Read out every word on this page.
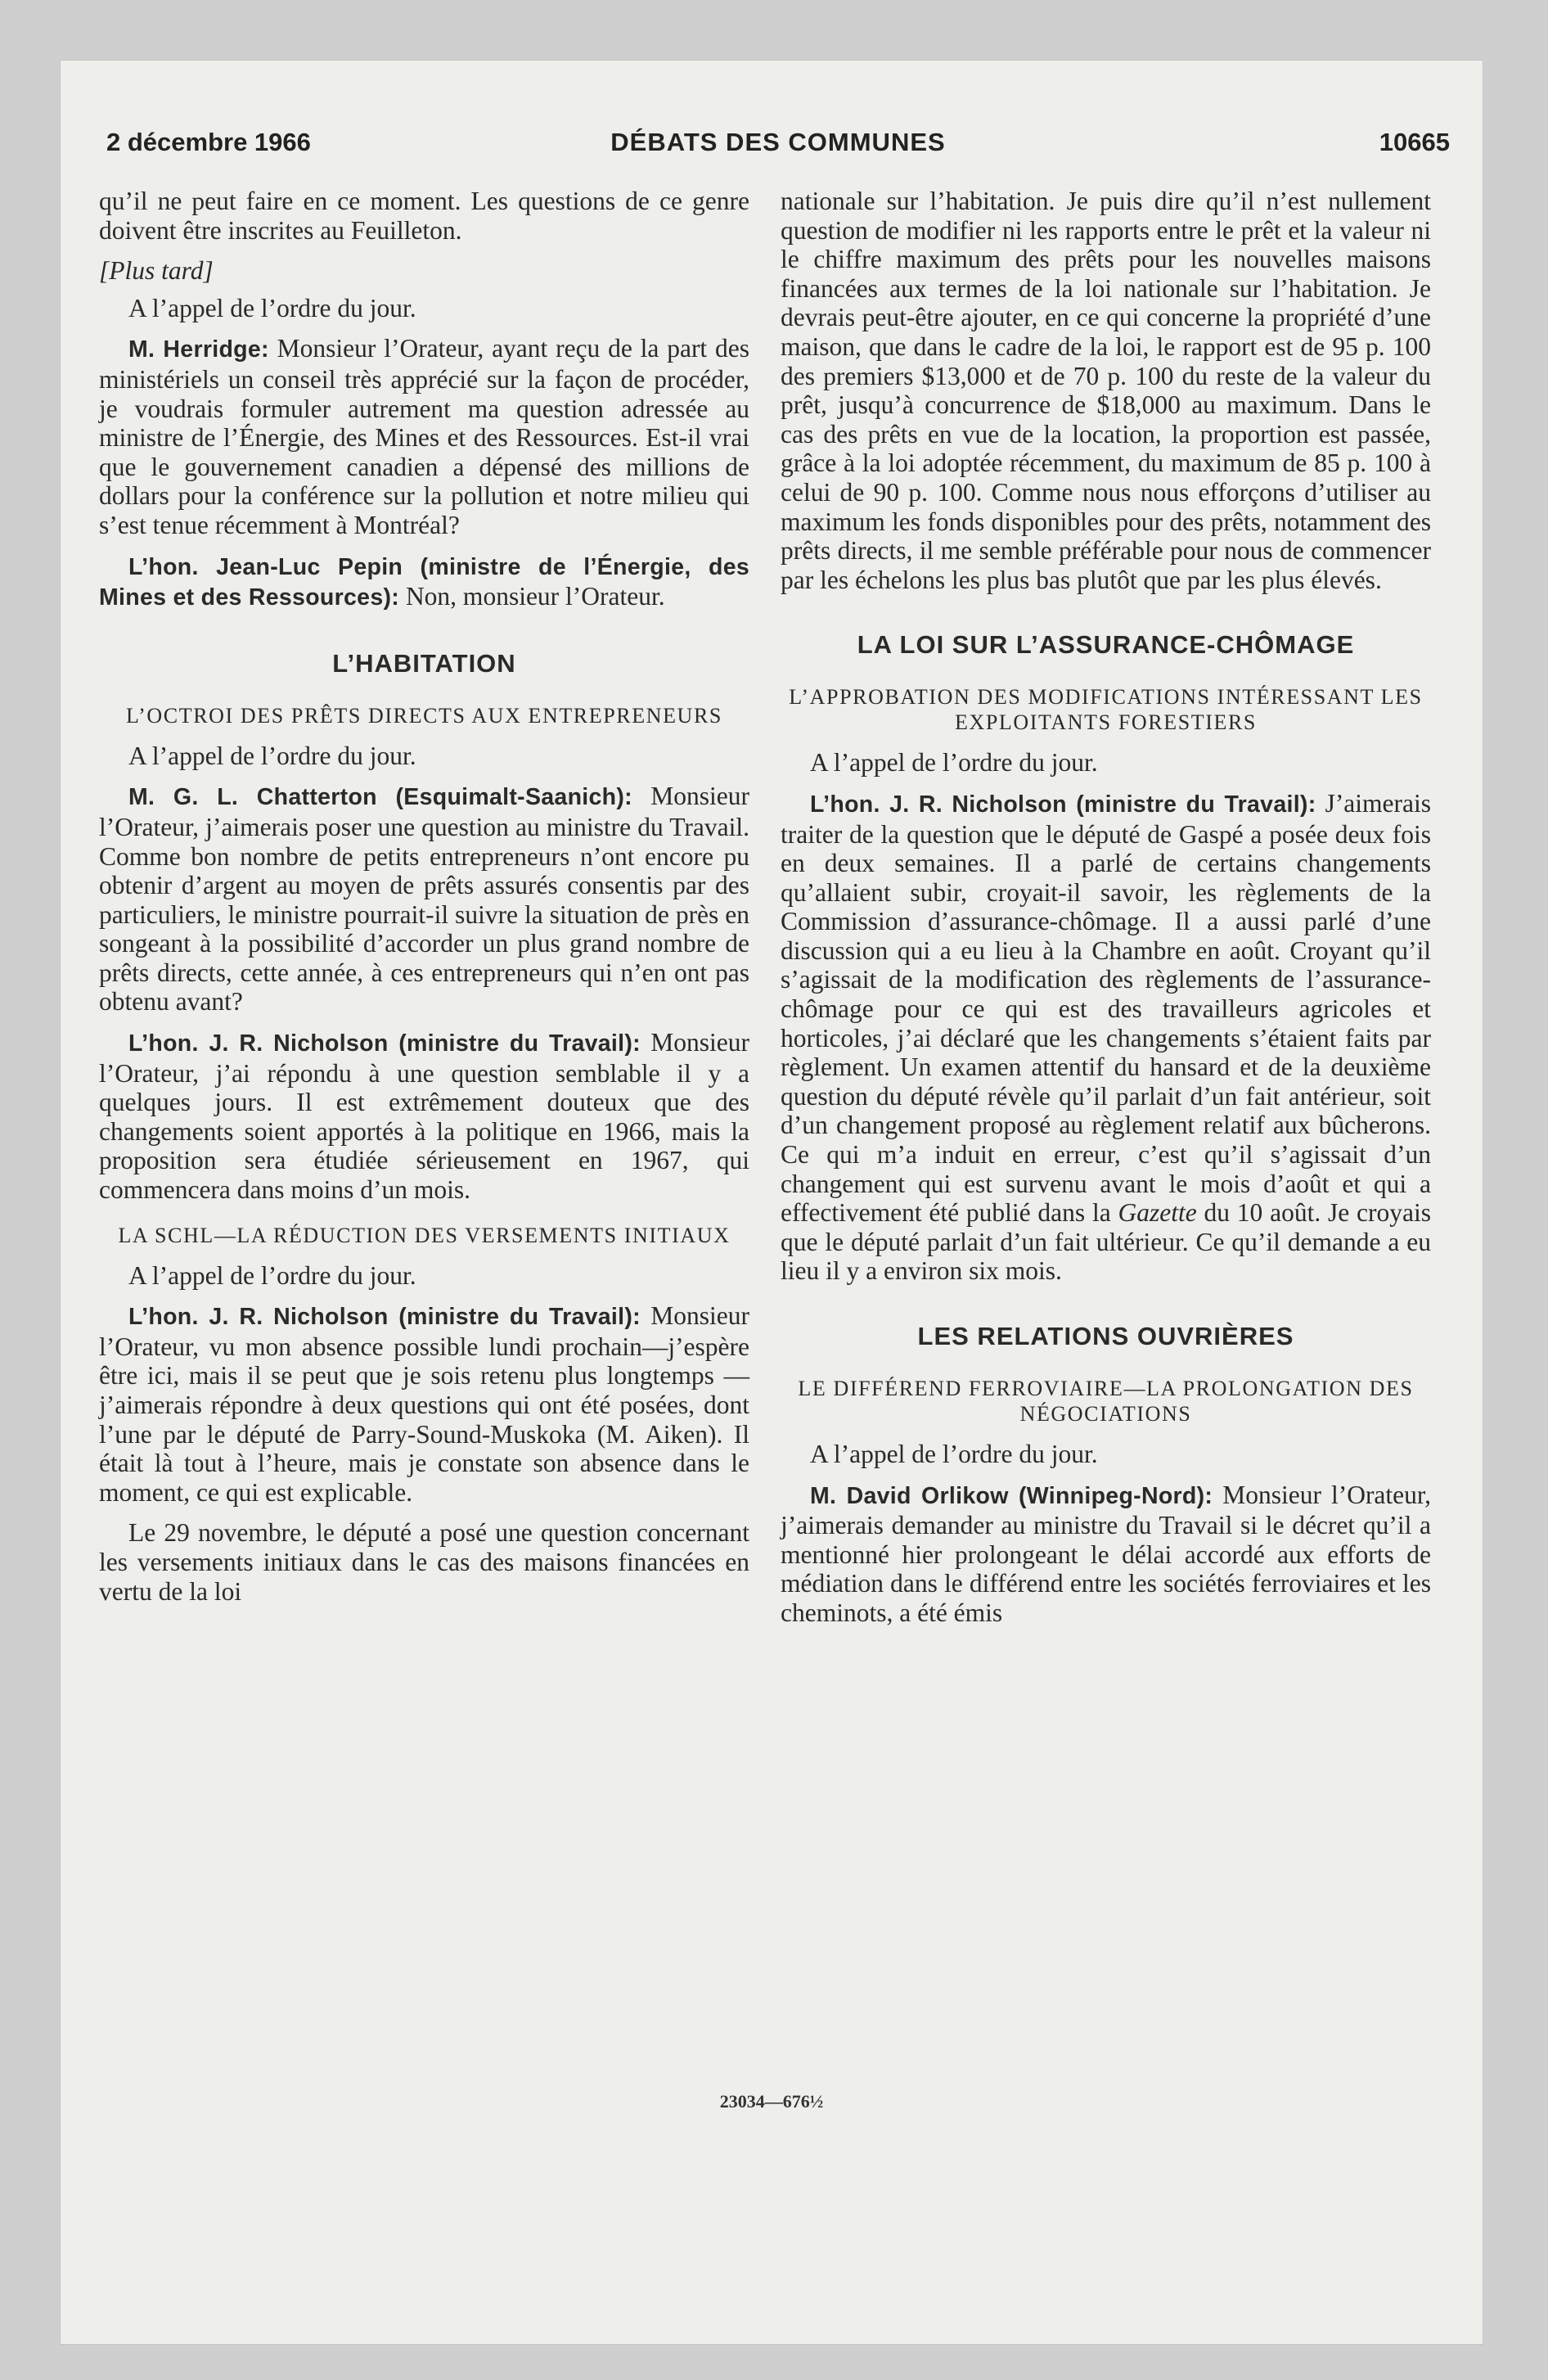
2 décembre 1966	DÉBATS DES COMMUNES	10665

qu’il ne peut faire en ce moment. Les questions de ce genre doivent être inscrites au Feuilleton.

[Plus tard]

A l’appel de l’ordre du jour.

M. Herridge: Monsieur l’Orateur, ayant reçu de la part des ministériels un conseil très apprécié sur la façon de procéder, je voudrais formuler autrement ma question adressée au ministre de l’Énergie, des Mines et des Ressources. Est-il vrai que le gouvernement canadien a dépensé des millions de dollars pour la conférence sur la pollution et notre milieu qui s’est tenue récemment à Montréal?

L’hon. Jean-Luc Pepin (ministre de l’Énergie, des Mines et des Ressources): Non, monsieur l’Orateur.

L’HABITATION
L’OCTROI DES PRÊTS DIRECTS AUX ENTREPRENEURS

A l’appel de l’ordre du jour.

M. G. L. Chatterton (Esquimalt-Saanich): Monsieur l’Orateur, j’aimerais poser une question au ministre du Travail. Comme bon nombre de petits entrepreneurs n’ont encore pu obtenir d’argent au moyen de prêts assurés consentis par des particuliers, le ministre pourrait-il suivre la situation de près en songeant à la possibilité d’accorder un plus grand nombre de prêts directs, cette année, à ces entrepreneurs qui n’en ont pas obtenu avant?

L’hon. J. R. Nicholson (ministre du Travail): Monsieur l’Orateur, j’ai répondu à une question semblable il y a quelques jours. Il est extrêmement douteux que des changements soient apportés à la politique en 1966, mais la proposition sera étudiée sérieusement en 1967, qui commencera dans moins d’un mois.

LA SCHL—LA RÉDUCTION DES VERSEMENTS INITIAUX

A l’appel de l’ordre du jour.

L’hon. J. R. Nicholson (ministre du Travail): Monsieur l’Orateur, vu mon absence possible lundi prochain—j’espère être ici, mais il se peut que je sois retenu plus longtemps —j’aimerais répondre à deux questions qui ont été posées, dont l’une par le député de Parry-Sound-Muskoka (M. Aiken). Il était là tout à l’heure, mais je constate son absence dans le moment, ce qui est explicable.

Le 29 novembre, le député a posé une question concernant les versements initiaux dans le cas des maisons financées en vertu de la loi

nationale sur l’habitation. Je puis dire qu’il n’est nullement question de modifier ni les rapports entre le prêt et la valeur ni le chiffre maximum des prêts pour les nouvelles maisons financées aux termes de la loi nationale sur l’habitation. Je devrais peut-être ajouter, en ce qui concerne la propriété d’une maison, que dans le cadre de la loi, le rapport est de 95 p. 100 des premiers $13,000 et de 70 p. 100 du reste de la valeur du prêt, jusqu’à concurrence de $18,000 au maximum. Dans le cas des prêts en vue de la location, la proportion est passée, grâce à la loi adoptée récemment, du maximum de 85 p. 100 à celui de 90 p. 100. Comme nous nous efforçons d’utiliser au maximum les fonds disponibles pour des prêts, notamment des prêts directs, il me semble préférable pour nous de commencer par les échelons les plus bas plutôt que par les plus élevés.

LA LOI SUR L’ASSURANCE-CHÔMAGE
L’APPROBATION DES MODIFICATIONS INTÉRESSANT LES EXPLOITANTS FORESTIERS

A l’appel de l’ordre du jour.

L’hon. J. R. Nicholson (ministre du Travail): J’aimerais traiter de la question que le député de Gaspé a posée deux fois en deux semaines. Il a parlé de certains changements qu’allaient subir, croyait-il savoir, les règlements de la Commission d’assurance-chômage. Il a aussi parlé d’une discussion qui a eu lieu à la Chambre en août. Croyant qu’il s’agissait de la modification des règlements de l’assurance-chômage pour ce qui est des travailleurs agricoles et horticoles, j’ai déclaré que les changements s’étaient faits par règlement. Un examen attentif du hansard et de la deuxième question du député révèle qu’il parlait d’un fait antérieur, soit d’un changement proposé au règlement relatif aux bûcherons. Ce qui m’a induit en erreur, c’est qu’il s’agissait d’un changement qui est survenu avant le mois d’août et qui a effectivement été publié dans la Gazette du 10 août. Je croyais que le député parlait d’un fait ultérieur. Ce qu’il demande a eu lieu il y a environ six mois.

LES RELATIONS OUVRIÈRES
LE DIFFÉREND FERROVIAIRE—LA PROLONGATION DES NÉGOCIATIONS

A l’appel de l’ordre du jour.

M. David Orlikow (Winnipeg-Nord): Monsieur l’Orateur, j’aimerais demander au ministre du Travail si le décret qu’il a mentionné hier prolongeant le délai accordé aux efforts de médiation dans le différend entre les sociétés ferroviaires et les cheminots, a été émis

23034—676½
